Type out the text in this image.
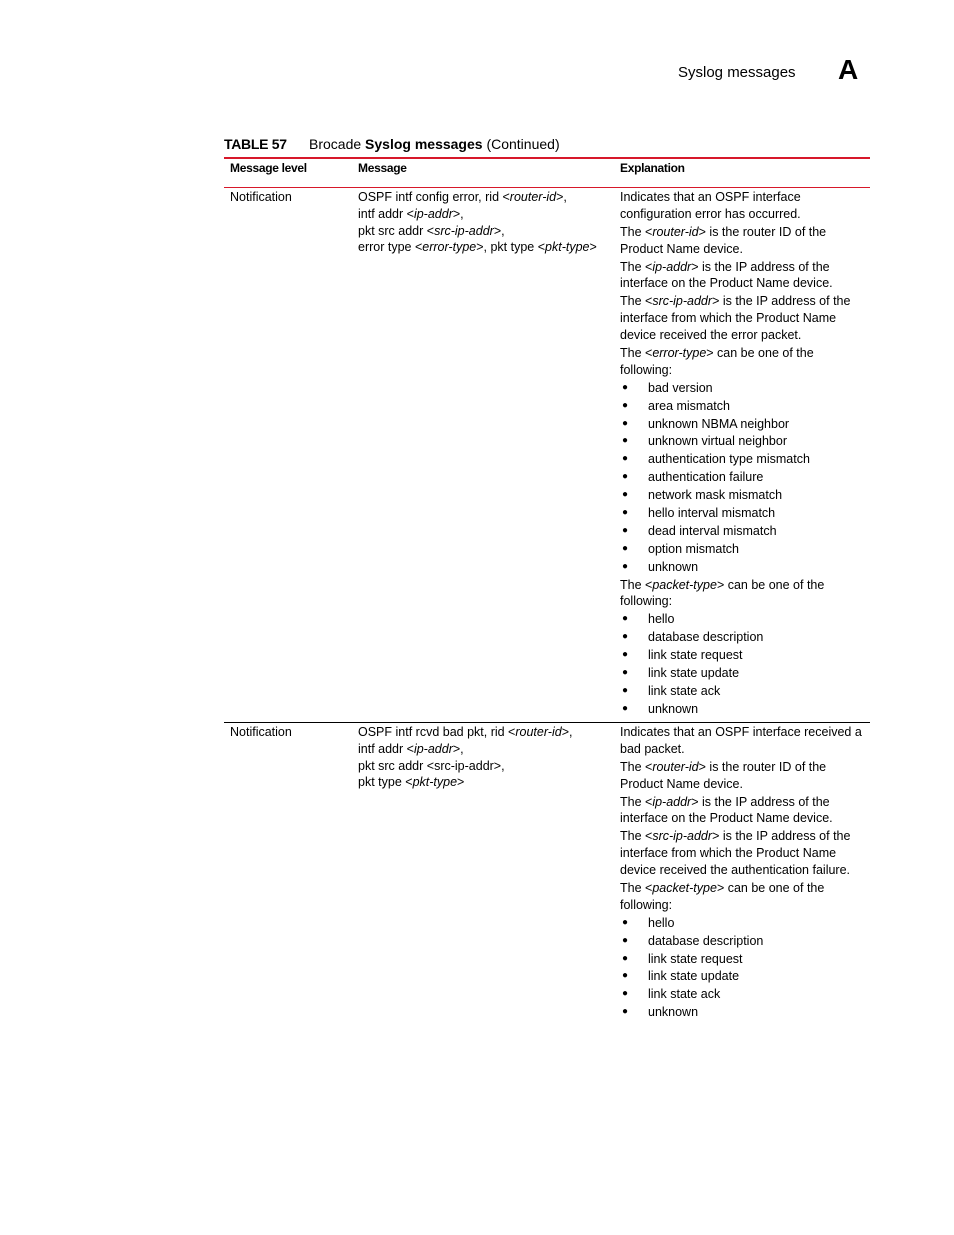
Syslog messages A
TABLE 57 Brocade Syslog messages (Continued)
Message level	Message	Explanation
Notification	OSPF intf config error, rid <router-id>,
intf addr <ip-addr>,
pkt src addr <src-ip-addr>,
error type <error-type>, pkt type <pkt-type>

Indicates that an OSPF interface configuration error has occurred.

The <router-id> is the router ID of the Product Name device.

The <ip-addr> is the IP address of the interface on the Product Name device.

The <src-ip-addr> is the IP address of the interface from which the Product Name device received the error packet.

The <error-type> can be one of the following:

● bad version
● area mismatch
● unknown NBMA neighbor
● unknown virtual neighbor
● authentication type mismatch
● authentication failure
● network mask mismatch
● hello interval mismatch
● dead interval mismatch
● option mismatch
● unknown

The <packet-type> can be one of the following:

● hello
● database description
● link state request
● link state update
● link state ack
● unknown
Notification	OSPF intf rcvd bad pkt, rid <router-id>,
intf addr <ip-addr>,
pkt src addr <src-ip-addr>,
pkt type <pkt-type>

Indicates that an OSPF interface received a bad packet.

The <router-id> is the router ID of the Product Name device.

The <ip-addr> is the IP address of the interface on the Product Name device.

The <src-ip-addr> is the IP address of the interface from which the Product Name device received the authentication failure.

The <packet-type> can be one of the following:

● hello
● database description
● link state request
● link state update
● link state ack
● unknown
